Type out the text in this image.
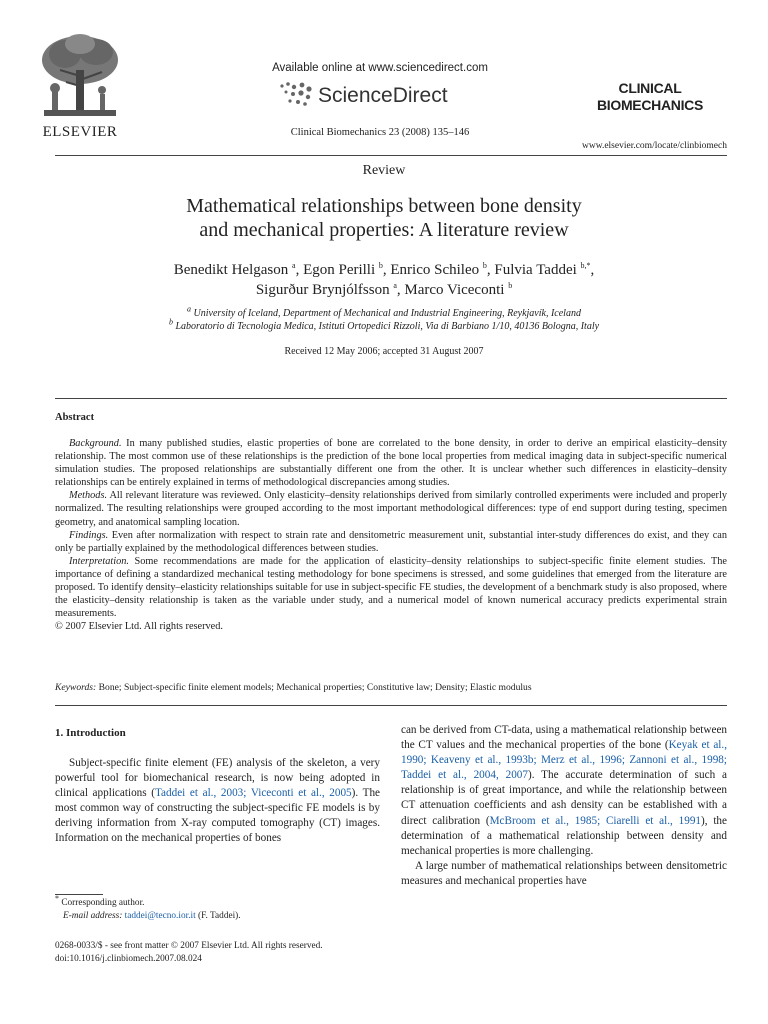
ELSEVIER
Available online at www.sciencedirect.com
ScienceDirect
Clinical Biomechanics 23 (2008) 135–146
CLINICAL
BIOMECHANICS
www.elsevier.com/locate/clinbiomech
Review
Mathematical relationships between bone density
and mechanical properties: A literature review
Benedikt Helgason $^a$, Egon Perilli $^b$, Enrico Schileo $^b$, Fulvia Taddei $^{b,*}$,
Sigurður Brynjólfsson $^a$, Marco Viceconti $^b$
$^a$ University of Iceland, Department of Mechanical and Industrial Engineering, Reykjavík, Iceland
$^b$ Laboratorio di Tecnologia Medica, Istituti Ortopedici Rizzoli, Via di Barbiano 1/10, 40136 Bologna, Italy
Received 12 May 2006; accepted 31 August 2007
Abstract

Background. In many published studies, elastic properties of bone are correlated to the bone density, in order to derive an empirical elasticity–density relationship. The most common use of these relationships is the prediction of the bone local properties from medical imaging data in subject-specific numerical simulation studies. The proposed relationships are substantially different one from the other. It is unclear whether such differences in elasticity–density relationships can be entirely explained in terms of methodological discrepancies among studies.

Methods. All relevant literature was reviewed. Only elasticity–density relationships derived from similarly controlled experiments were included and properly normalized. The resulting relationships were grouped according to the most important methodological differences: type of end support during testing, specimen geometry, and anatomical sampling location.

Findings. Even after normalization with respect to strain rate and densitometric measurement unit, substantial inter-study differences do exist, and they can only be partially explained by the methodological differences between studies.

Interpretation. Some recommendations are made for the application of elasticity–density relationships to subject-specific finite element studies. The importance of defining a standardized mechanical testing methodology for bone specimens is stressed, and some guidelines that emerged from the literature are proposed. To identify density–elasticity relationships suitable for use in subject-specific FE studies, the development of a benchmark study is also proposed, where the elasticity–density relationship is taken as the variable under study, and a numerical model of known numerical accuracy predicts experimental strain measurements.

© 2007 Elsevier Ltd. All rights reserved.

Keywords: Bone; Subject-specific finite element models; Mechanical properties; Constitutive law; Density; Elastic modulus
1. Introduction

Subject-specific finite element (FE) analysis of the skeleton, a very powerful tool for biomechanical research, is now being adopted in clinical applications (Taddei et al., 2003; Viceconti et al., 2005). The most common way of constructing the subject-specific FE models is by deriving information from X-ray computed tomography (CT) images. Information on the mechanical properties of bones

* Corresponding author.

E-mail address: taddei@tecno.ior.it (F. Taddei).

0268-0033/$ - see front matter © 2007 Elsevier Ltd. All rights reserved.
doi:10.1016/j.clinbiomech.2007.08.024

can be derived from CT-data, using a mathematical relationship between the CT values and the mechanical properties of the bone (Keyak et al., 1990; Keaveny et al., 1993b; Merz et al., 1996; Zannoni et al., 1998; Taddei et al., 2004, 2007). The accurate determination of such a relationship is of great importance, and while the relationship between CT attenuation coefficients and ash density can be established with a direct calibration (McBroom et al., 1985; Ciarelli et al., 1991), the determination of a mathematical relationship between density and mechanical properties is more challenging.

A large number of mathematical relationships between densitometric measures and mechanical properties have
